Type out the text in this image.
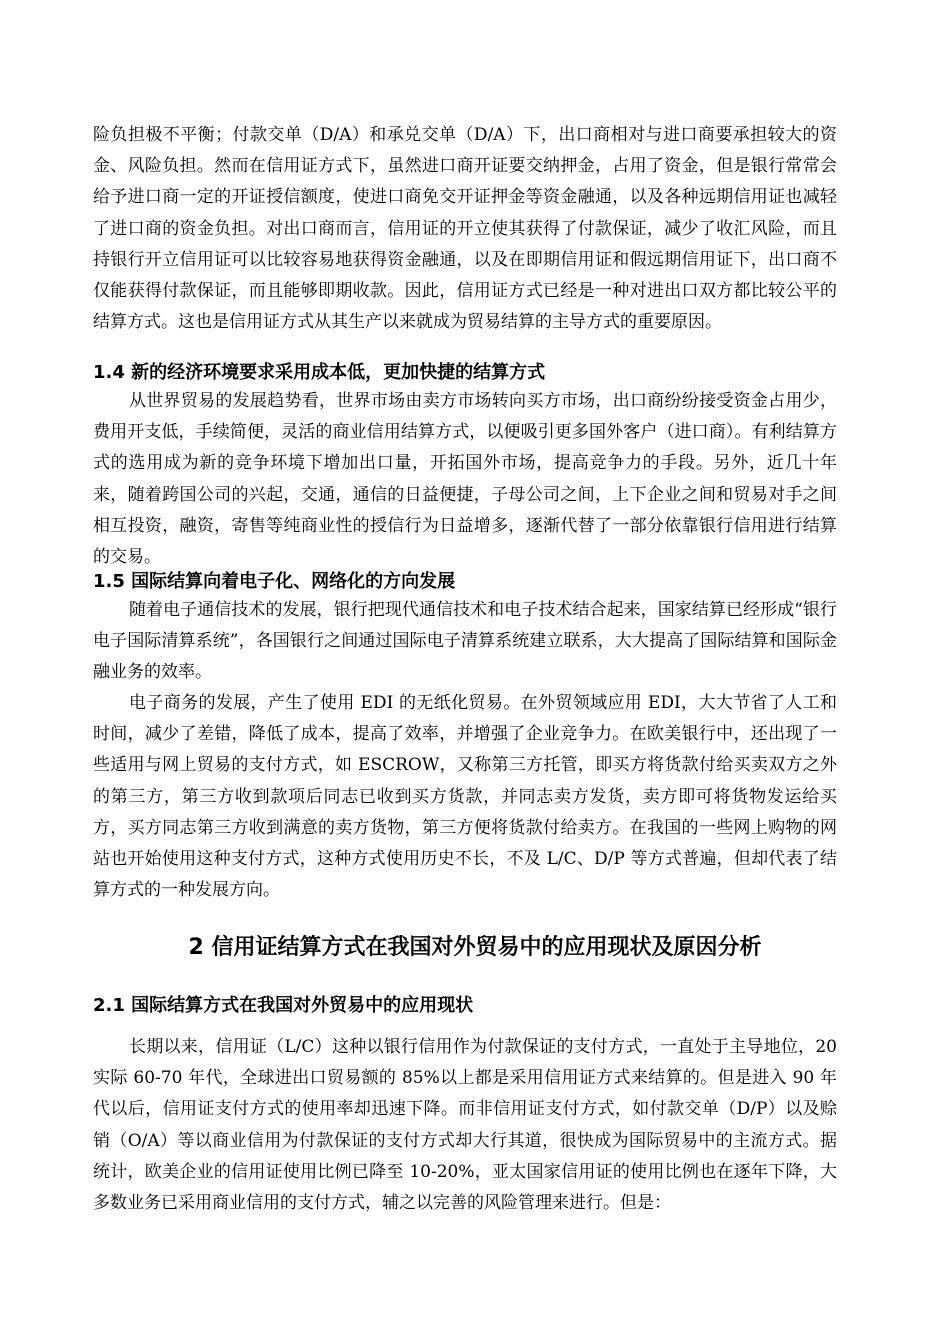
险负担极不平衡；付款交单（D/A）和承兑交单（D/A）下，出口商相对与进口商要承担较大的资金、风险负担。然而在信用证方式下，虽然进口商开证要交纳押金，占用了资金，但是银行常常会给予进口商一定的开证授信额度，使进口商免交开证押金等资金融通，以及各种远期信用证也减轻了进口商的资金负担。对出口商而言，信用证的开立使其获得了付款保证，减少了收汇风险，而且持银行开立信用证可以比较容易地获得资金融通，以及在即期信用证和假远期信用证下，出口商不仅能获得付款保证，而且能够即期收款。因此，信用证方式已经是一种对进出口双方都比较公平的结算方式。这也是信用证方式从其生产以来就成为贸易结算的主导方式的重要原因。

1.4 新的经济环境要求采用成本低，更加快捷的结算方式

从世界贸易的发展趋势看，世界市场由卖方市场转向买方市场，出口商纷纷接受资金占用少，费用开支低，手续简便，灵活的商业信用结算方式，以便吸引更多国外客户（进口商）。有利结算方式的选用成为新的竞争环境下增加出口量，开拓国外市场，提高竞争力的手段。另外，近几十年来，随着跨国公司的兴起，交通，通信的日益便捷，子母公司之间，上下企业之间和贸易对手之间相互投资，融资，寄售等纯商业性的授信行为日益增多，逐渐代替了一部分依靠银行信用进行结算的交易。

1.5 国际结算向着电子化、网络化的方向发展

随着电子通信技术的发展，银行把现代通信技术和电子技术结合起来，国家结算已经形成“银行电子国际清算系统”，各国银行之间通过国际电子清算系统建立联系，大大提高了国际结算和国际金融业务的效率。

电子商务的发展，产生了使用 EDI 的无纸化贸易。在外贸领域应用 EDI，大大节省了人工和时间，减少了差错，降低了成本，提高了效率，并增强了企业竞争力。在欧美银行中，还出现了一些适用与网上贸易的支付方式，如 ESCROW，又称第三方托管，即买方将货款付给买卖双方之外的第三方，第三方收到款项后同志已收到买方货款，并同志卖方发货，卖方即可将货物发运给买方，买方同志第三方收到满意的卖方货物，第三方便将货款付给卖方。在我国的一些网上购物的网站也开始使用这种支付方式，这种方式使用历史不长，不及 L/C、D/P 等方式普遍，但却代表了结算方式的一种发展方向。

2 信用证结算方式在我国对外贸易中的应用现状及原因分析
2.1 国际结算方式在我国对外贸易中的应用现状

长期以来，信用证（L/C）这种以银行信用作为付款保证的支付方式，一直处于主导地位，20 实际 60-70 年代，全球进出口贸易额的 85%以上都是采用信用证方式来结算的。但是进入 90 年代以后，信用证支付方式的使用率却迅速下降。而非信用证支付方式，如付款交单（D/P）以及赊销（O/A）等以商业信用为付款保证的支付方式却大行其道，很快成为国际贸易中的主流方式。据统计，欧美企业的信用证使用比例已降至 10-20%，亚太国家信用证的使用比例也在逐年下降，大多数业务已采用商业信用的支付方式，辅之以完善的风险管理来进行。但是：
